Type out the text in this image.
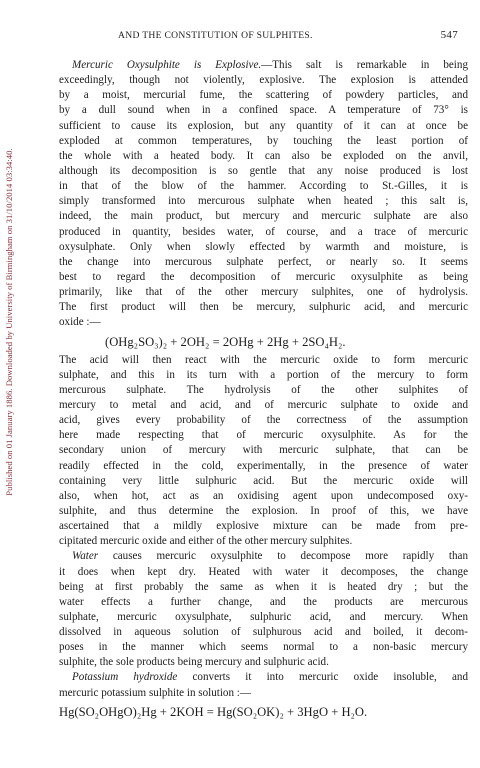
Published on 01 January 1886. Downloaded by University of Birmingham on 31/10/2014 03:34:40.
AND THE CONSTITUTION OF SULPHITES.	547
Mercuric Oxysulphite is Explosive.—This salt is remarkable in being
exceedingly, though not violently, explosive. The explosion is attended
by a moist, mercurial fume, the scattering of powdery particles, and
by a dull sound when in a confined space. A temperature of 73° is
sufficient to cause its explosion, but any quantity of it can at once be
exploded at common temperatures, by touching the least portion of
the whole with a heated body. It can also be exploded on the anvil,
although its decomposition is so gentle that any noise produced is lost
in that of the blow of the hammer. According to St.-Gilles, it is
simply transformed into mercurous sulphate when heated ; this salt is,
indeed, the main product, but mercury and mercuric sulphate are also
produced in quantity, besides water, of course, and a trace of mercuric
oxysulphate. Only when slowly effected by warmth and moisture, is
the change into mercurous sulphate perfect, or nearly so. It seems
best to regard the decomposition of mercuric oxysulphite as being
primarily, like that of the other mercury sulphites, one of hydrolysis.
The first product will then be mercury, sulphuric acid, and mercuric
oxide :—
(OHg₂SO₃)₂ + 2OH₂ = 2OHg + 2Hg + 2SO₄H₂.
The acid will then react with the mercuric oxide to form mercuric
sulphate, and this in its turn with a portion of the mercury to form
mercurous sulphate. The hydrolysis of the other sulphites of
mercury to metal and acid, and of mercuric sulphate to oxide and
acid, gives every probability of the correctness of the assumption
here made respecting that of mercuric oxysulphite. As for the
secondary union of mercury with mercuric sulphate, that can be
readily effected in the cold, experimentally, in the presence of water
containing very little sulphuric acid. But the mercuric oxide will
also, when hot, act as an oxidising agent upon undecomposed oxy-
sulphite, and thus determine the explosion. In proof of this, we have
ascertained that a mildly explosive mixture can be made from pre-
cipitated mercuric oxide and either of the other mercury sulphites.
Water causes mercuric oxysulphite to decompose more rapidly than
it does when kept dry. Heated with water it decomposes, the change
being at first probably the same as when it is heated dry ; but the
water effects a further change, and the products are mercurous
sulphate, mercuric oxysulphate, sulphuric acid, and mercury. When
dissolved in aqueous solution of sulphurous acid and boiled, it decom-
poses in the manner which seems normal to a non-basic mercury
sulphite, the sole products being mercury and sulphuric acid.
Potassium hydroxide converts it into mercuric oxide insoluble, and
mercuric potassium sulphite in solution :—
Hg(SO₂OHgO)₂Hg + 2KOH = Hg(SO₂OK)₂ + 3HgO + H₂O.
